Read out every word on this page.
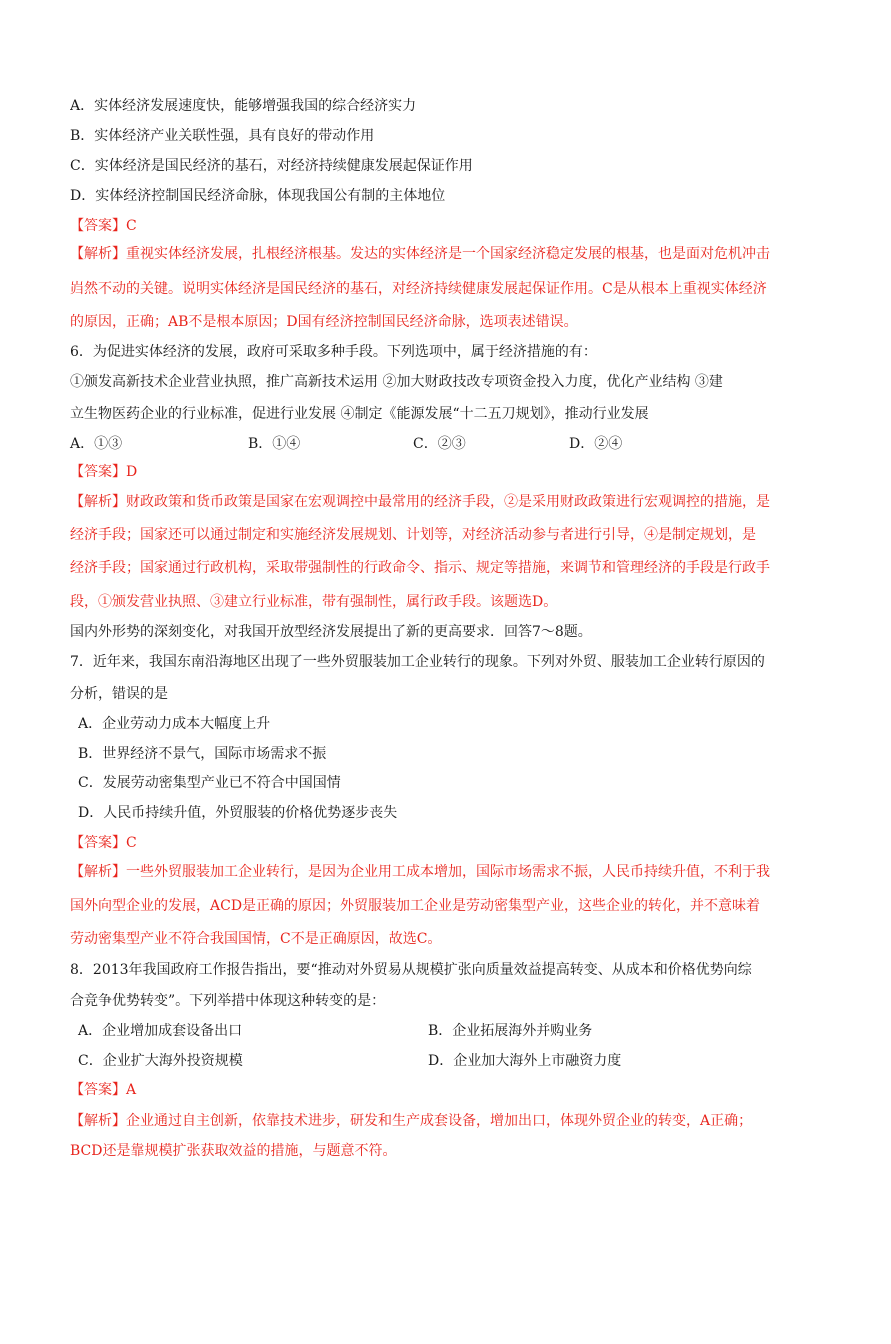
A．实体经济发展速度快，能够增强我国的综合经济实力
B．实体经济产业关联性强，具有良好的带动作用
C．实体经济是国民经济的基石，对经济持续健康发展起保证作用
D．实体经济控制国民经济命脉，体现我国公有制的主体地位
【答案】C
【解析】重视实体经济发展，扎根经济根基。发达的实体经济是一个国家经济稳定发展的根基，也是面对危机冲击
岿然不动的关键。说明实体经济是国民经济的基石，对经济持续健康发展起保证作用。C是从根本上重视实体经济
的原因，正确；AB不是根本原因；D国有经济控制国民经济命脉，选项表述错误。
6．为促进实体经济的发展，政府可采取多种手段。下列选项中，属于经济措施的有：
①颁发高新技术企业营业执照，推广高新技术运用 ②加大财政技改专项资金投入力度，优化产业结构 ③建
立生物医药企业的行业标准，促进行业发展 ④制定《能源发展“十二五刀规划》，推动行业发展
A．①③	B．①④	C．②③	D．②④
【答案】D
【解析】财政政策和货币政策是国家在宏观调控中最常用的经济手段，②是采用财政政策进行宏观调控的措施，是
经济手段；国家还可以通过制定和实施经济发展规划、计划等，对经济活动参与者进行引导，④是制定规划，是
经济手段；国家通过行政机构，采取带强制性的行政命令、指示、规定等措施，来调节和管理经济的手段是行政手
段，①颁发营业执照、③建立行业标准，带有强制性，属行政手段。该题选D。
国内外形势的深刻变化，对我国开放型经济发展提出了新的更高要求．回答7～8题。
7．近年来，我国东南沿海地区出现了一些外贸服装加工企业转行的现象。下列对外贸、服装加工企业转行原因的
分析，错误的是
A．企业劳动力成本大幅度上升
B．世界经济不景气，国际市场需求不振
C．发展劳动密集型产业已不符合中国国情
D．人民币持续升值，外贸服装的价格优势逐步丧失
【答案】C
【解析】一些外贸服装加工企业转行，是因为企业用工成本增加，国际市场需求不振，人民币持续升值，不利于我
国外向型企业的发展，ACD是正确的原因；外贸服装加工企业是劳动密集型产业，这些企业的转化，并不意味着
劳动密集型产业不符合我国国情，C不是正确原因，故选C。
8．2013年我国政府工作报告指出，要“推动对外贸易从规模扩张向质量效益提高转变、从成本和价格优势向综
合竞争优势转变”。下列举措中体现这种转变的是：
A．企业增加成套设备出口	B．企业拓展海外并购业务
C．企业扩大海外投资规模	D．企业加大海外上市融资力度
【答案】A
【解析】企业通过自主创新，依靠技术进步，研发和生产成套设备，增加出口，体现外贸企业的转变，A正确；
BCD还是靠规模扩张获取效益的措施，与题意不符。
